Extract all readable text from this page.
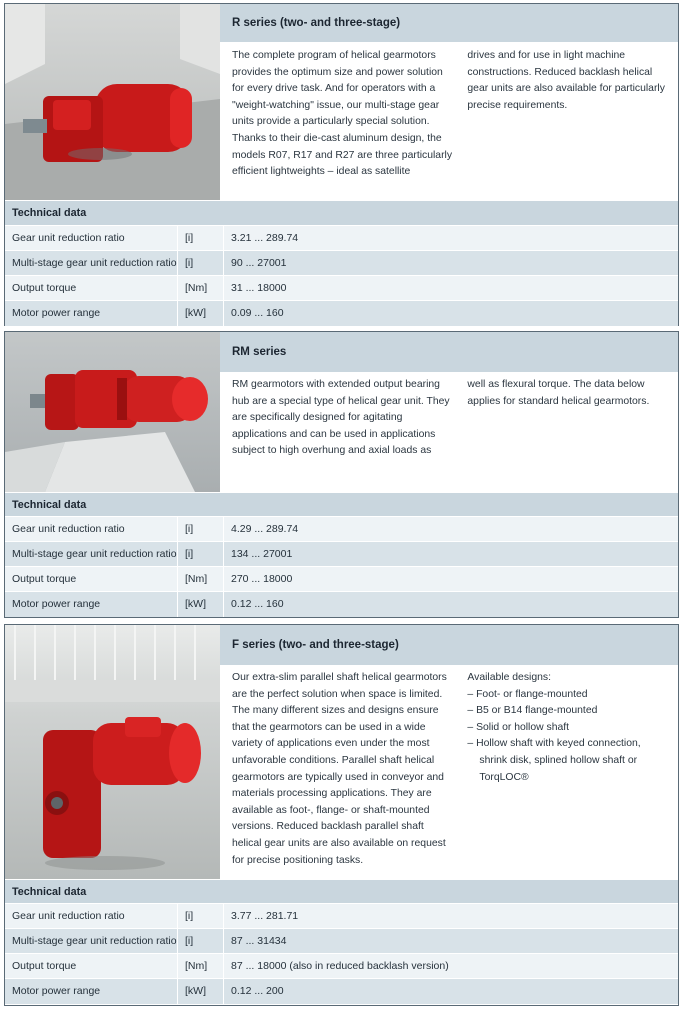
R series (two- and three-stage)
The complete program of helical gearmotors provides the optimum size and power solution for every drive task. And for operators with a "weight-watching" issue, our multi-stage gear units provide a particularly special solution. Thanks to their die-cast aluminum design, the models R07, R17 and R27 are three particularly efficient lightweights – ideal as satellite
drives and for use in light machine constructions. Reduced backlash helical gear units are also available for particularly precise requirements.
Technical data
Gear unit reduction ratio	[i]	3.21 ... 289.74
Multi-stage gear unit reduction ratio	[i]	90 ... 27001
Output torque	[Nm]	31 ... 18000
Motor power range	[kW]	0.09 ... 160
RM series
RM gearmotors with extended output bearing hub are a special type of helical gear unit. They are specifically designed for agitating applications and can be used in applications subject to high overhung and axial loads as
well as flexural torque. The data below applies for standard helical gearmotors.
Technical data
Gear unit reduction ratio	[i]	4.29 ... 289.74
Multi-stage gear unit reduction ratio	[i]	134 ... 27001
Output torque	[Nm]	270 ... 18000
Motor power range	[kW]	0.12 ... 160
F series (two- and three-stage)
Our extra-slim parallel shaft helical gearmotors are the perfect solution when space is limited. The many different sizes and designs ensure that the gearmotors can be used in a wide variety of applications even under the most unfavorable conditions. Parallel shaft helical gearmotors are typically used in conveyor and materials processing applications. They are available as foot-, flange- or shaft-mounted versions. Reduced backlash parallel shaft helical gear units are also available on request for precise positioning tasks.
Available designs:
– Foot- or flange-mounted
– B5 or B14 flange-mounted
– Solid or hollow shaft
– Hollow shaft with keyed connection, shrink disk, splined hollow shaft or TorqLOC®
Technical data
Gear unit reduction ratio	[i]	3.77 ... 281.71
Multi-stage gear unit reduction ratio	[i]	87 ... 31434
Output torque	[Nm]	87 ... 18000 (also in reduced backlash version)
Motor power range	[kW]	0.12 ... 200
